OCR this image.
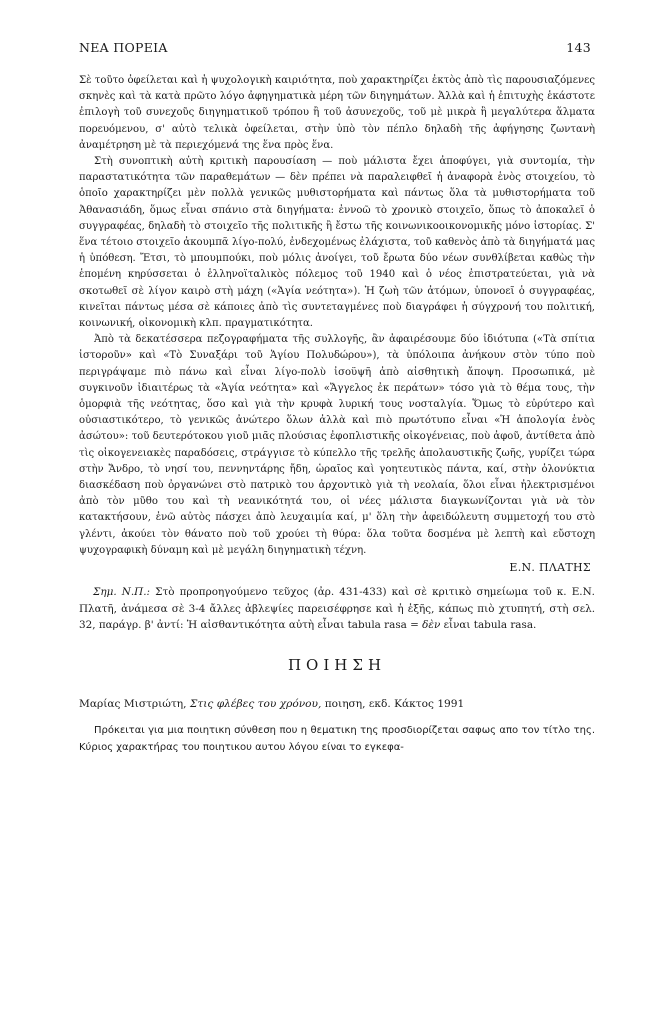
ΝΕΑ ΠΟΡΕΙΑ	143

Σὲ τοῦτο ὀφείλεται καὶ ἡ ψυχολογικὴ καιριότητα, ποὺ χαρακτηρίζει ἐκτὸς ἀπὸ τὶς παρουσιαζόμενες σκηνὲς καὶ τὰ κατὰ πρῶτο λόγο ἀφηγηματικὰ μέρη τῶν διηγημάτων. Ἀλλὰ καὶ ἡ ἐπιτυχὴς ἑκάστοτε ἐπιλογὴ τοῦ συνεχοῦς διηγηματικοῦ τρόπου ἢ τοῦ ἀσυνεχοῦς, τοῦ μὲ μικρὰ ἢ μεγαλύτερα ἅλματα πορευόμενου, σ' αὐτὸ τελικὰ ὀφείλεται, στὴν ὑπὸ τὸν πέπλο δηλαδὴ τῆς ἀφήγησης ζωντανὴ ἀναμέτρηση μὲ τὰ περιεχόμενά της ἕνα πρὸς ἕνα.

Στὴ συνοπτικὴ αὐτὴ κριτικὴ παρουσίαση — ποὺ μάλιστα ἔχει ἀποφύγει, γιὰ συντομία, τὴν παραστατικότητα τῶν παραθεμάτων — δὲν πρέπει νὰ παραλειφθεῖ ἡ ἀναφορὰ ἑνὸς στοιχείου, τὸ ὁποῖο χαρακτηρίζει μὲν πολλὰ γενικῶς μυθιστορήματα καὶ πάντως ὅλα τὰ μυθιστορήματα τοῦ Ἀθανασιάδη, ὅμως εἶναι σπάνιο στὰ διηγήματα: ἐννοῶ τὸ χρονικὸ στοιχεῖο, ὅπως τὸ ἀποκαλεῖ ὁ συγγραφέας, δηλαδὴ τὸ στοιχεῖο τῆς πολιτικῆς ἢ ἔστω τῆς κοινωνικοοικονομικῆς μόνο ἱστορίας. Σ' ἕνα τέτοιο στοιχεῖο ἀκουμπᾶ λίγο-πολύ, ἐνδεχομένως ἐλάχιστα, τοῦ καθενὸς ἀπὸ τὰ διηγήματά μας ἡ ὑπόθεση. Ἔτσι, τὸ μπουμπούκι, ποὺ μόλις ἀνοίγει, τοῦ ἔρωτα δύο νέων συνθλίβεται καθὼς τὴν ἑπομένη κηρύσσεται ὁ ἑλληνοϊταλικὸς πόλεμος τοῦ 1940 καὶ ὁ νέος ἐπιστρατεύεται, γιὰ νὰ σκοτωθεῖ σὲ λίγον καιρὸ στὴ μάχη («Ἁγία νεότητα»). Ἡ ζωὴ τῶν ἀτόμων, ὑπονοεῖ ὁ συγγραφέας, κινεῖται πάντως μέσα σὲ κάποιες ἀπὸ τὶς συντεταγμένες ποὺ διαγράφει ἡ σύγχρονή του πολιτική, κοινωνική, οἰκονομικὴ κλπ. πραγματικότητα.

Ἀπὸ τὰ δεκατέσσερα πεζογραφήματα τῆς συλλογῆς, ἂν ἀφαιρέσουμε δύο ἰδιότυπα («Τὰ σπίτια ἱστοροῦν» καὶ «Τὸ Συναξάρι τοῦ Ἁγίου Πολυδώρου»), τὰ ὑπόλοιπα ἀνήκουν στὸν τύπο ποὺ περιγράψαμε πιὸ πάνω καὶ εἶναι λίγο-πολὺ ἰσοϋψῆ ἀπὸ αἰσθητικὴ ἄποψη. Προσωπικά, μὲ συγκινοῦν ἰδιαιτέρως τὰ «Ἁγία νεότητα» καὶ «Ἄγγελος ἐκ περάτων» τόσο γιὰ τὸ θέμα τους, τὴν ὁμορφιὰ τῆς νεότητας, ὅσο καὶ γιὰ τὴν κρυφὰ λυρική τους νοσταλγία. Ὅμως τὸ εὐρύτερο καὶ οὐσιαστικότερο, τὸ γενικῶς ἀνώτερο ὅλων ἀλλὰ καὶ πιὸ πρωτότυπο εἶναι «Ἡ ἀπολογία ἑνὸς ἀσώτου»: τοῦ δευτερότοκου γιοῦ μιᾶς πλούσιας ἐφοπλιστικῆς οἰκογένειας, ποὺ ἀφοῦ, ἀντίθετα ἀπὸ τὶς οἰκογενειακὲς παραδόσεις, στράγγισε τὸ κύπελλο τῆς τρελῆς ἀπολαυστικῆς ζωῆς, γυρίζει τώρα στὴν Ἄνδρο, τὸ νησί του, πεννηντάρης ἤδη, ὡραῖος καὶ γοητευτικὸς πάντα, καί, στὴν ὁλονύκτια διασκέδαση ποὺ ὀργανώνει στὸ πατρικὸ του ἀρχοντικὸ γιὰ τὴ νεολαία, ὅλοι εἶναι ἠλεκτρισμένοι ἀπὸ τὸν μῦθο του καὶ τὴ νεανικότητά του, οἱ νέες μάλιστα διαγκωνίζονται γιὰ νὰ τὸν κατακτήσουν, ἐνῶ αὐτὸς πάσχει ἀπὸ λευχαιμία καί, μ' ὅλη τὴν ἀφειδώλευτη συμμετοχή του στὸ γλέντι, ἀκούει τὸν θάνατο ποὺ τοῦ χρούει τὴ θύρα: ὅλα τοῦτα δοσμένα μὲ λεπτὴ καὶ εὔστοχη ψυχογραφικὴ δύναμη καὶ μὲ μεγάλη διηγηματικὴ τέχνη.

Ε.Ν. ΠΛΑΤΗΣ

Σημ. Ν.Π.: Στὸ προπροηγούμενο τεῦχος (ἀρ. 431-433) καὶ σὲ κριτικὸ σημείωμα τοῦ κ. Ε.Ν. Πλατῆ, ἀνάμεσα σὲ 3-4 ἄλλες ἀβλεψίες παρεισέφρησε καὶ ἡ ἑξῆς, κάπως πιὸ χτυπητή, στὴ σελ. 32, παράγρ. β' ἀντί: Ἡ αἰσθαντικότητα αὐτὴ εἶναι tabula rasa = δὲν εἶναι tabula rasa.

ΠΟΙΗΣΗ

Μαρίας Μιστριώτη, Στις φλέβες του χρόνου, ποιηση, εκδ. Κάκτος 1991

Πρόκειται για μια ποιητικη σύνθεση που η θεματικη της προσδιορίζεται σαφως απο τον τίτλο της. Κύριος χαρακτήρας του ποιητικου αυτου λόγου είναι το εγκεφα-
